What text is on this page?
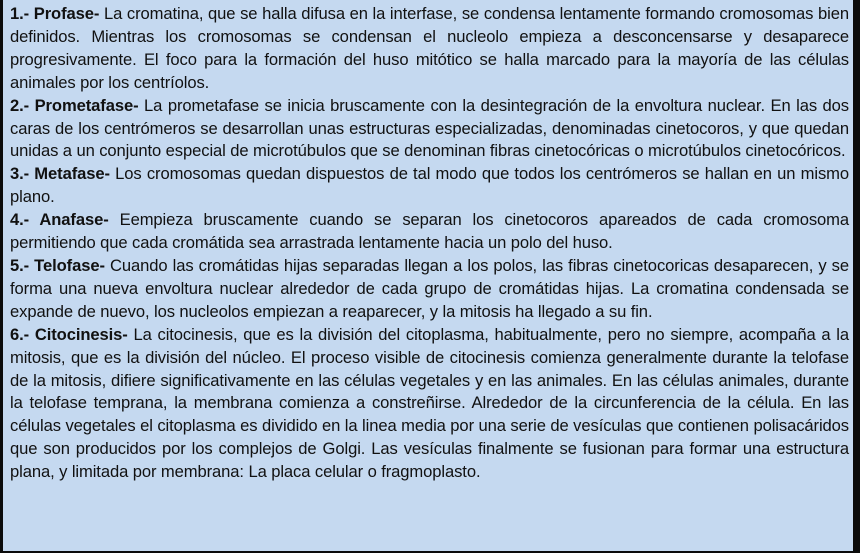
1.- Profase- La cromatina, que se halla difusa en la interfase, se condensa lentamente formando cromosomas bien definidos. Mientras los cromosomas se condensan el nucleolo empieza a desconcensarse y desaparece progresivamente. El foco para la formación del huso mitótico se halla marcado para la mayoría de las células animales por los centríolos.

2.- Prometafase- La prometafase se inicia bruscamente con la desintegración de la envoltura nuclear. En las dos caras de los centrómeros se desarrollan unas estructuras especializadas, denominadas cinetocoros, y que quedan unidas a un conjunto especial de microtúbulos que se denominan fibras cinetocóricas o microtúbulos cinetocóricos.

3.- Metafase- Los cromosomas quedan dispuestos de tal modo que todos los centrómeros se hallan en un mismo plano.

4.- Anafase- Eempieza bruscamente cuando se separan los cinetocoros apareados de cada cromosoma permitiendo que cada cromátida sea arrastrada lentamente hacia un polo del huso.

5.- Telofase- Cuando las cromátidas hijas separadas llegan a los polos, las fibras cinetocoricas desaparecen, y se forma una nueva envoltura nuclear alrededor de cada grupo de cromátidas hijas. La cromatina condensada se expande de nuevo, los nucleolos empiezan a reaparecer, y la mitosis ha llegado a su fin.

6.- Citocinesis- La citocinesis, que es la división del citoplasma, habitualmente, pero no siempre, acompaña a la mitosis, que es la división del núcleo. El proceso visible de citocinesis comienza generalmente durante la telofase de la mitosis, difiere significativamente en las células vegetales y en las animales. En las células animales, durante la telofase temprana, la membrana comienza a constreñirse. Alrededor de la circunferencia de la célula. En las células vegetales el citoplasma es dividido en la linea media por una serie de vesículas que contienen polisacáridos que son producidos por los complejos de Golgi. Las vesículas finalmente se fusionan para formar una estructura plana, y limitada por membrana: La placa celular o fragmoplasto.
